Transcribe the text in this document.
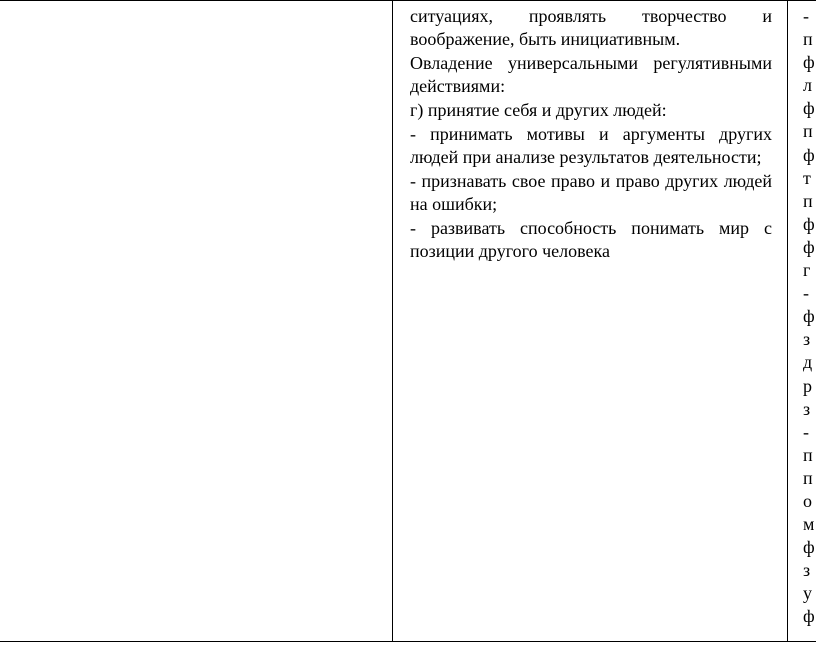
ситуациях, проявлять творчество и воображение, быть инициативным.

Овладение универсальными регулятивными действиями:

г) принятие себя и других людей:

- принимать мотивы и аргументы других людей при анализе результатов деятельности;

- признавать свое право и право других людей на ошибки;

- развивать способность понимать мир с позиции другого человека

-
п
ф
л
ф
п
ф
т
п
ф
ф
г
-
ф
з
д
р
з
-
п
п
о
м
ф
з
у
ф
